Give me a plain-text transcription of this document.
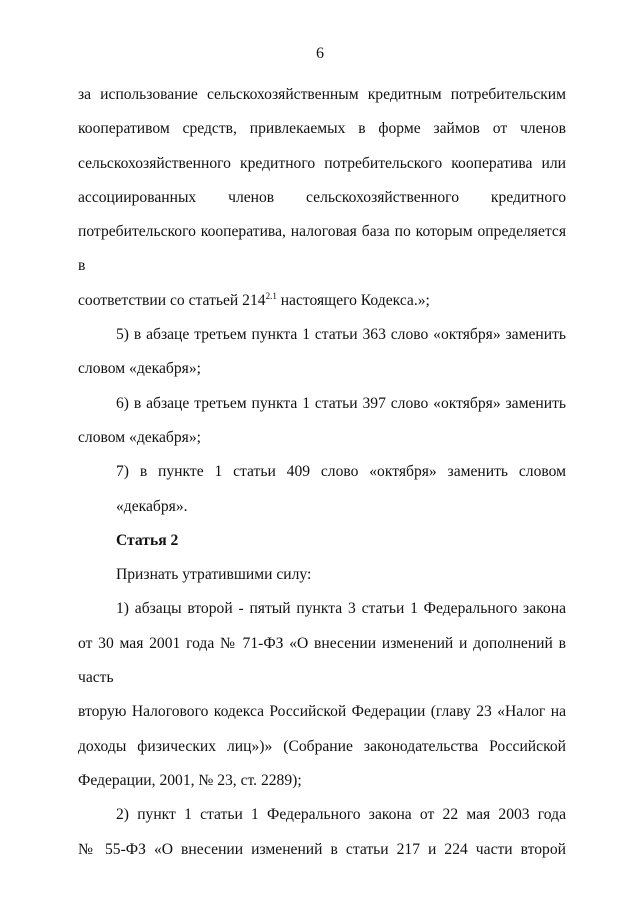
6
за использование сельскохозяйственным кредитным потребительским
кооперативом средств, привлекаемых в форме займов от членов
сельскохозяйственного кредитного потребительского кооператива или
ассоциированных членов сельскохозяйственного кредитного
потребительского кооператива, налоговая база по которым определяется в
соответствии со статьей $214^{2.1}$ настоящего Кодекса.»;
5) в абзаце третьем пункта 1 статьи 363 слово «октября» заменить
словом «декабря»;
6) в абзаце третьем пункта 1 статьи 397 слово «октября» заменить
словом «декабря»;
7) в пункте 1 статьи 409 слово «октября» заменить словом «декабря».
Статья 2
Признать утратившими силу:
1) абзацы второй - пятый пункта 3 статьи 1 Федерального закона
от 30 мая 2001 года № 71-ФЗ «О внесении изменений и дополнений в часть
вторую Налогового кодекса Российской Федерации (главу 23 «Налог на
доходы физических лиц»)» (Собрание законодательства Российской
Федерации, 2001, № 23, ст. 2289);
2) пункт 1 статьи 1 Федерального закона от 22 мая 2003 года
№ 55-ФЗ «О внесении изменений в статьи 217 и 224 части второй
